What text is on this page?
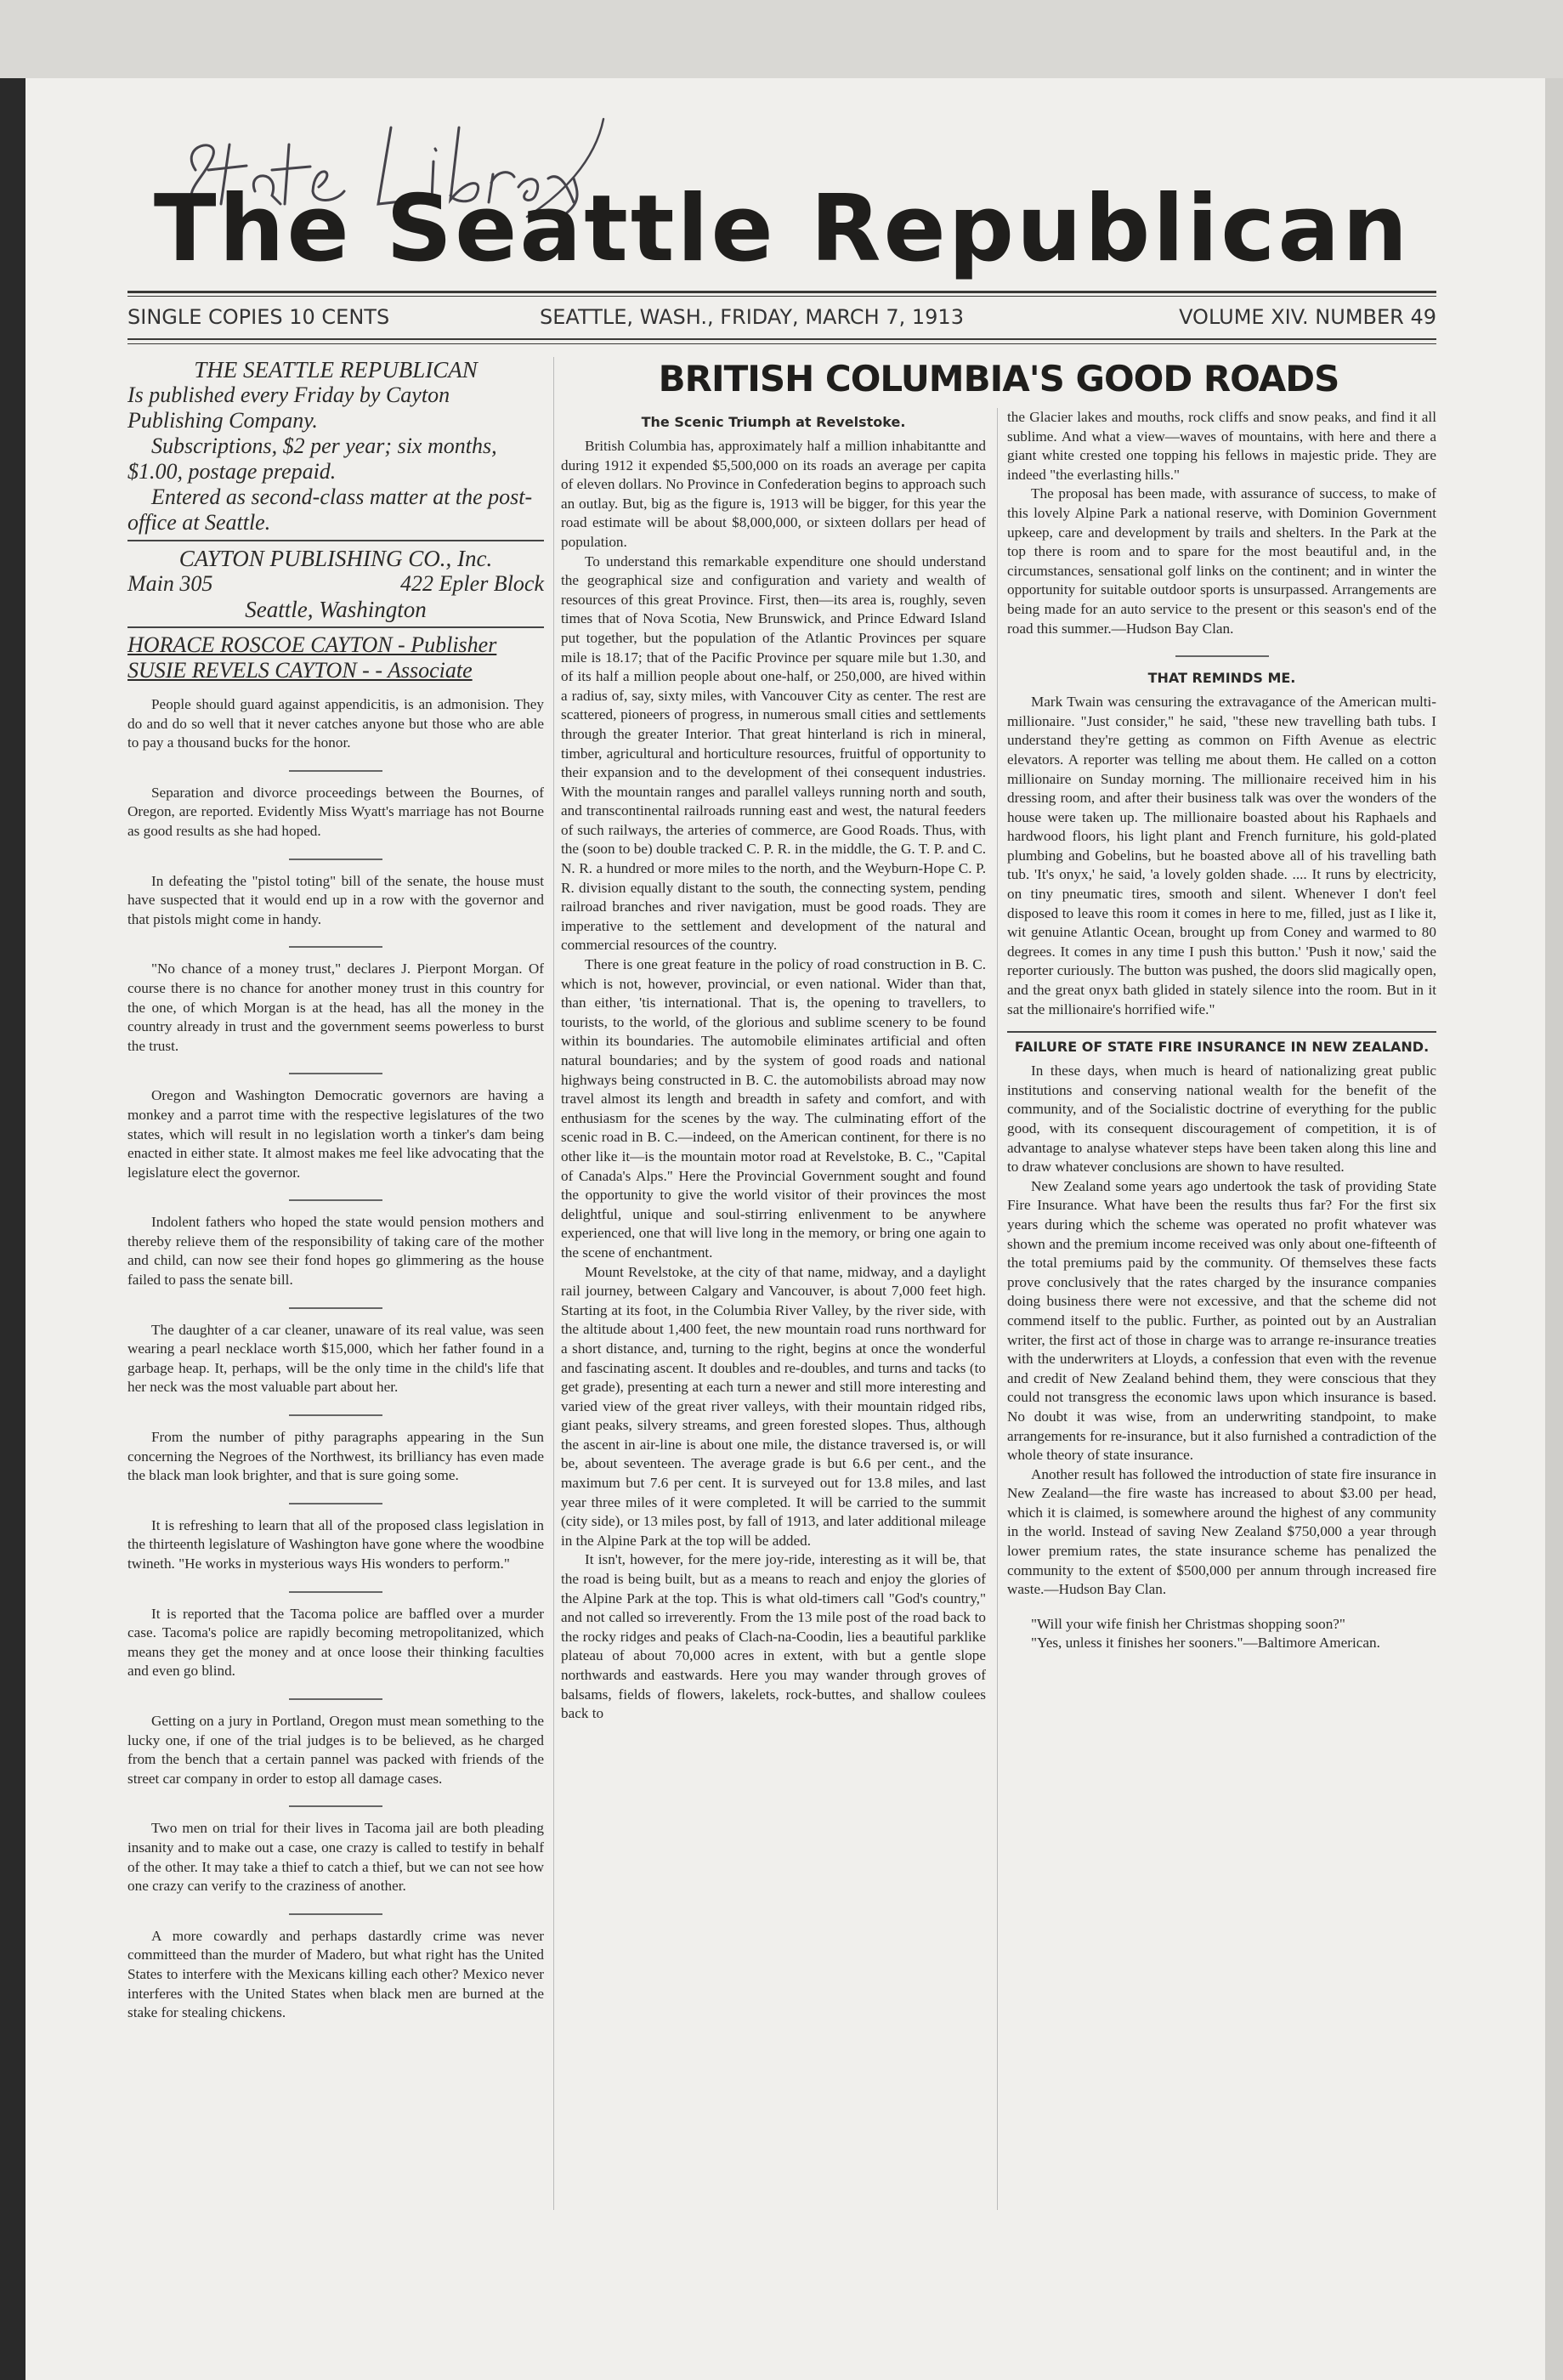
The Seattle Republican
SINGLE COPIES 10 CENTS	SEATTLE, WASH., FRIDAY, MARCH 7, 1913	VOLUME XIV. NUMBER 49

THE SEATTLE REPUBLICAN

Is published every Friday by Cayton Publishing Company.

Subscriptions, $2 per year; six months, $1.00, postage prepaid.

Entered as second-class matter at the post-office at Seattle.

CAYTON PUBLISHING CO., Inc.

Main 305	422 Epler Block

Seattle, Washington

HORACE ROSCOE CAYTON - Publisher

SUSIE REVELS CAYTON - - Associate

People should guard against appendicitis, is an admonision. They do and do so well that it never catches anyone but those who are able to pay a thousand bucks for the honor.

Separation and divorce proceedings between the Bournes, of Oregon, are reported. Evidently Miss Wyatt's marriage has not Bourne as good results as she had hoped.

In defeating the "pistol toting" bill of the senate, the house must have suspected that it would end up in a row with the governor and that pistols might come in handy.

"No chance of a money trust," declares J. Pierpont Morgan. Of course there is no chance for another money trust in this country for the one, of which Morgan is at the head, has all the money in the country already in trust and the government seems powerless to burst the trust.

Oregon and Washington Democratic governors are having a monkey and a parrot time with the respective legislatures of the two states, which will result in no legislation worth a tinker's dam being enacted in either state. It almost makes me feel like advocating that the legislature elect the governor.

Indolent fathers who hoped the state would pension mothers and thereby relieve them of the responsibility of taking care of the mother and child, can now see their fond hopes go glimmering as the house failed to pass the senate bill.

The daughter of a car cleaner, unaware of its real value, was seen wearing a pearl necklace worth $15,000, which her father found in a garbage heap. It, perhaps, will be the only time in the child's life that her neck was the most valuable part about her.

From the number of pithy paragraphs appearing in the Sun concerning the Negroes of the Northwest, its brilliancy has even made the black man look brighter, and that is sure going some.

It is refreshing to learn that all of the proposed class legislation in the thirteenth legislature of Washington have gone where the woodbine twineth. "He works in mysterious ways His wonders to perform."

It is reported that the Tacoma police are baffled over a murder case. Tacoma's police are rapidly becoming metropolitanized, which means they get the money and at once loose their thinking faculties and even go blind.

Getting on a jury in Portland, Oregon must mean something to the lucky one, if one of the trial judges is to be believed, as he charged from the bench that a certain pannel was packed with friends of the street car company in order to estop all damage cases.

Two men on trial for their lives in Tacoma jail are both pleading insanity and to make out a case, one crazy is called to testify in behalf of the other. It may take a thief to catch a thief, but we can not see how one crazy can verify to the craziness of another.

A more cowardly and perhaps dastardly crime was never committeed than the murder of Madero, but what right has the United States to interfere with the Mexicans killing each other? Mexico never interferes with the United States when black men are burned at the stake for stealing chickens.

BRITISH COLUMBIA'S GOOD ROADS
The Scenic Triumph at Revelstoke.

British Columbia has, approximately half a million inhabitantte and during 1912 it expended $5,500,000 on its roads an average per capita of eleven dollars. No Province in Confederation begins to approach such an outlay. But, big as the figure is, 1913 will be bigger, for this year the road estimate will be about $8,000,000, or sixteen dollars per head of population.

To understand this remarkable expenditure one should understand the geographical size and configuration and variety and wealth of resources of this great Province. First, then—its area is, roughly, seven times that of Nova Scotia, New Brunswick, and Prince Edward Island put together, but the population of the Atlantic Provinces per square mile is 18.17; that of the Pacific Province per square mile but 1.30, and of its half a million people about one-half, or 250,000, are hived within a radius of, say, sixty miles, with Vancouver City as center. The rest are scattered, pioneers of progress, in numerous small cities and settlements through the greater Interior. That great hinterland is rich in mineral, timber, agricultural and horticulture resources, fruitful of opportunity to their expansion and to the development of thei consequent industries. With the mountain ranges and parallel valleys running north and south, and transcontinental railroads running east and west, the natural feeders of such railways, the arteries of commerce, are Good Roads. Thus, with the (soon to be) double tracked C. P. R. in the middle, the G. T. P. and C. N. R. a hundred or more miles to the north, and the Weyburn-Hope C. P. R. division equally distant to the south, the connecting system, pending railroad branches and river navigation, must be good roads. They are imperative to the settlement and development of the natural and commercial resources of the country.

There is one great feature in the policy of road construction in B. C. which is not, however, provincial, or even national. Wider than that, than either, 'tis international. That is, the opening to travellers, to tourists, to the world, of the glorious and sublime scenery to be found within its boundaries. The automobile eliminates artificial and often natural boundaries; and by the system of good roads and national highways being constructed in B. C. the automobilists abroad may now travel almost its length and breadth in safety and comfort, and with enthusiasm for the scenes by the way. The culminating effort of the scenic road in B. C.—indeed, on the American continent, for there is no other like it—is the mountain motor road at Revelstoke, B. C., "Capital of Canada's Alps." Here the Provincial Government sought and found the opportunity to give the world visitor of their provinces the most delightful, unique and soul-stirring enlivenment to be anywhere experienced, one that will live long in the memory, or bring one again to the scene of enchantment.

Mount Revelstoke, at the city of that name, midway, and a daylight rail journey, between Calgary and Vancouver, is about 7,000 feet high. Starting at its foot, in the Columbia River Valley, by the river side, with the altitude about 1,400 feet, the new mountain road runs northward for a short distance, and, turning to the right, begins at once the wonderful and fascinating ascent. It doubles and re-doubles, and turns and tacks (to get grade), presenting at each turn a newer and still more interesting and varied view of the great river valleys, with their mountain ridged ribs, giant peaks, silvery streams, and green forested slopes. Thus, although the ascent in air-line is about one mile, the distance traversed is, or will be, about seventeen. The average grade is but 6.6 per cent., and the maximum but 7.6 per cent. It is surveyed out for 13.8 miles, and last year three miles of it were completed. It will be carried to the summit (city side), or 13 miles post, by fall of 1913, and later additional mileage in the Alpine Park at the top will be added.

It isn't, however, for the mere joy-ride, interesting as it will be, that the road is being built, but as a means to reach and enjoy the glories of the Alpine Park at the top. This is what old-timers call "God's country," and not called so irreverently. From the 13 mile post of the road back to the rocky ridges and peaks of Clach-na-Coodin, lies a beautiful parklike plateau of about 70,000 acres in extent, with but a gentle slope northwards and eastwards. Here you may wander through groves of balsams, fields of flowers, lakelets, rock-buttes, and shallow coulees back to

the Glacier lakes and mouths, rock cliffs and snow peaks, and find it all sublime. And what a view—waves of mountains, with here and there a giant white crested one topping his fellows in majestic pride. They are indeed "the everlasting hills."

The proposal has been made, with assurance of success, to make of this lovely Alpine Park a national reserve, with Dominion Government upkeep, care and development by trails and shelters. In the Park at the top there is room and to spare for the most beautiful and, in the circumstances, sensational golf links on the continent; and in winter the opportunity for suitable outdoor sports is unsurpassed. Arrangements are being made for an auto service to the present or this season's end of the road this summer.—Hudson Bay Clan.

THAT REMINDS ME.

Mark Twain was censuring the extravagance of the American multi-millionaire. "Just consider," he said, "these new travelling bath tubs. I understand they're getting as common on Fifth Avenue as electric elevators. A reporter was telling me about them. He called on a cotton millionaire on Sunday morning. The millionaire received him in his dressing room, and after their business talk was over the wonders of the house were taken up. The millionaire boasted about his Raphaels and hardwood floors, his light plant and French furniture, his gold-plated plumbing and Gobelins, but he boasted above all of his travelling bath tub. 'It's onyx,' he said, 'a lovely golden shade. .... It runs by electricity, on tiny pneumatic tires, smooth and silent. Whenever I don't feel disposed to leave this room it comes in here to me, filled, just as I like it, wit genuine Atlantic Ocean, brought up from Coney and warmed to 80 degrees. It comes in any time I push this button.' 'Push it now,' said the reporter curiously. The button was pushed, the doors slid magically open, and the great onyx bath glided in stately silence into the room. But in it sat the millionaire's horrified wife."

FAILURE OF STATE FIRE INSURANCE IN NEW ZEALAND.

In these days, when much is heard of nationalizing great public institutions and conserving national wealth for the benefit of the community, and of the Socialistic doctrine of everything for the public good, with its consequent discouragement of competition, it is of advantage to analyse whatever steps have been taken along this line and to draw whatever conclusions are shown to have resulted.

New Zealand some years ago undertook the task of providing State Fire Insurance. What have been the results thus far? For the first six years during which the scheme was operated no profit whatever was shown and the premium income received was only about one-fifteenth of the total premiums paid by the community. Of themselves these facts prove conclusively that the rates charged by the insurance companies doing business there were not excessive, and that the scheme did not commend itself to the public. Further, as pointed out by an Australian writer, the first act of those in charge was to arrange re-insurance treaties with the underwriters at Lloyds, a confession that even with the revenue and credit of New Zealand behind them, they were conscious that they could not transgress the economic laws upon which insurance is based. No doubt it was wise, from an underwriting standpoint, to make arrangements for re-insurance, but it also furnished a contradiction of the whole theory of state insurance.

Another result has followed the introduction of state fire insurance in New Zealand—the fire waste has increased to about $3.00 per head, which it is claimed, is somewhere around the highest of any community in the world. Instead of saving New Zealand $750,000 a year through lower premium rates, the state insurance scheme has penalized the community to the extent of $500,000 per annum through increased fire waste.—Hudson Bay Clan.

"Will your wife finish her Christmas shopping soon?"

"Yes, unless it finishes her sooners."—Baltimore American.
